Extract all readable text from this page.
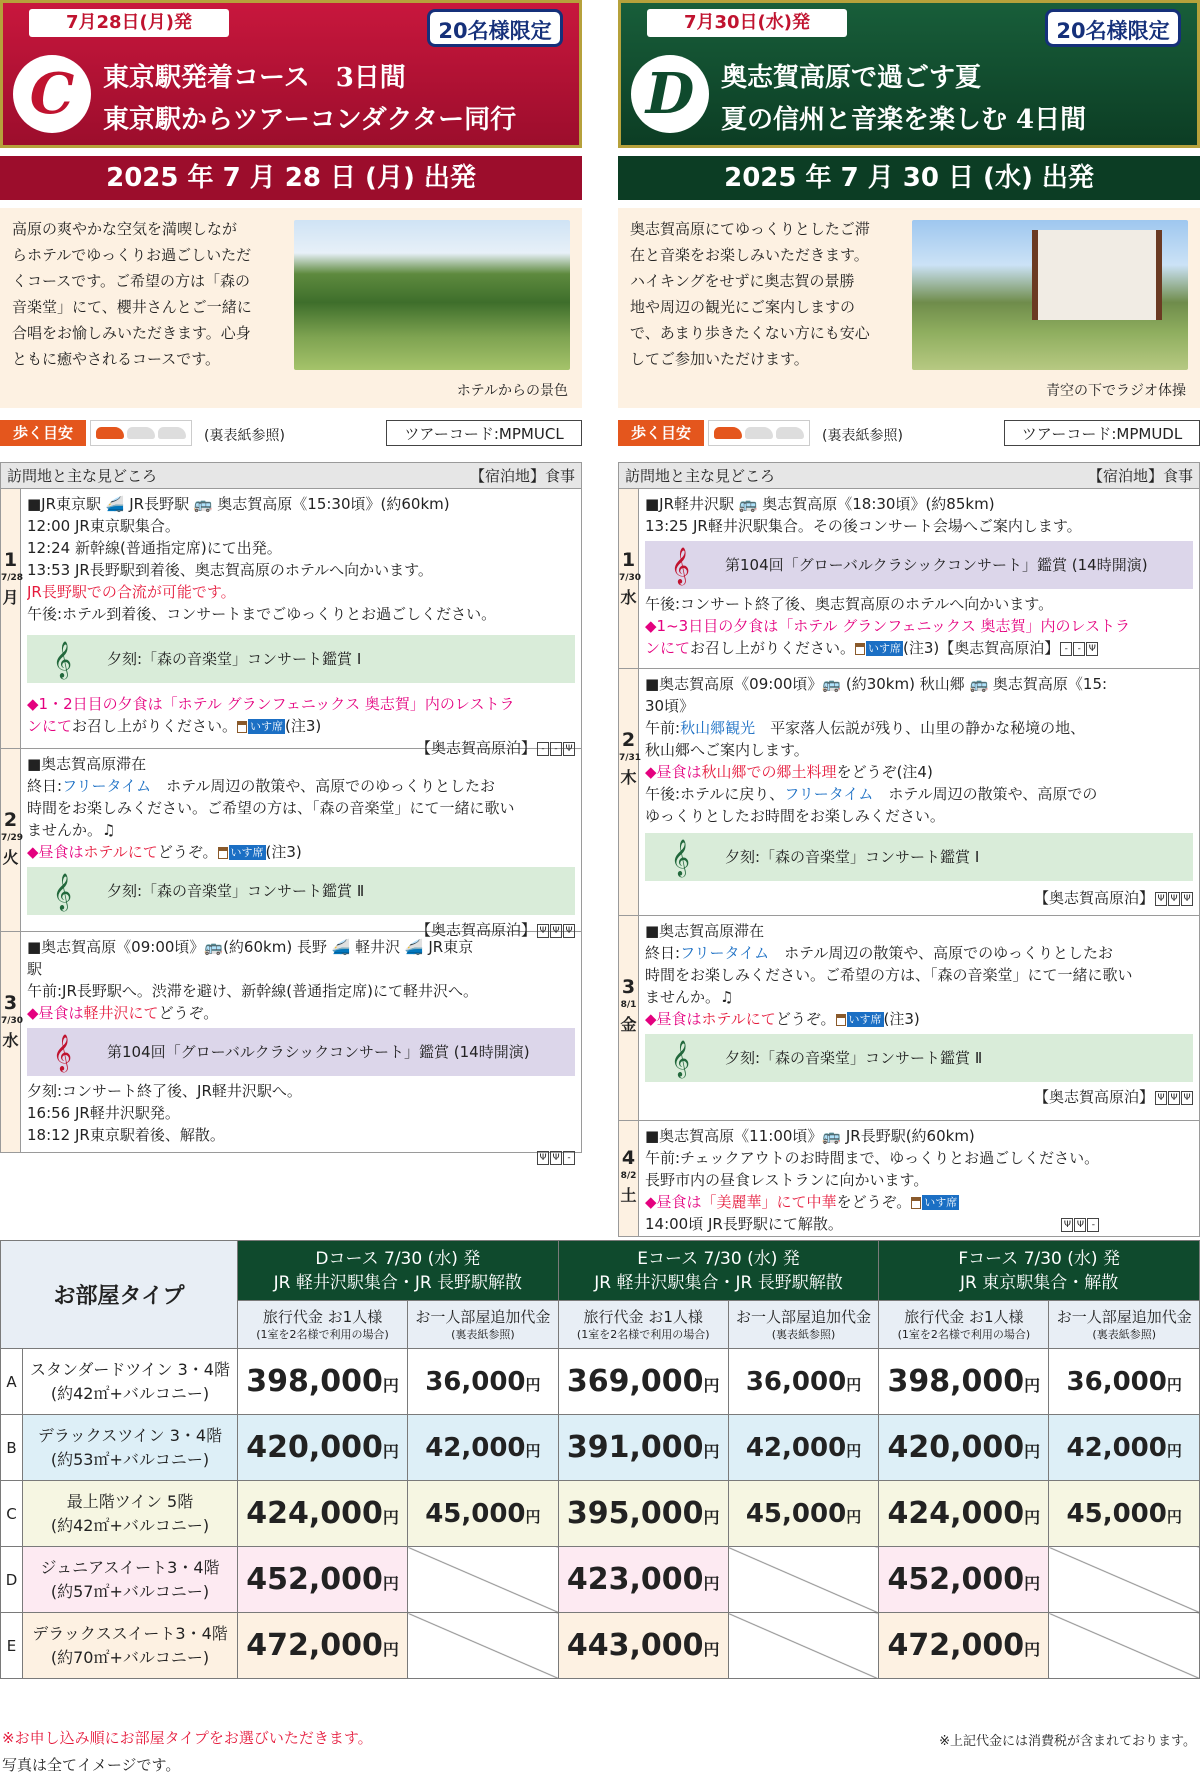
7月28日(月)発	20名様限定
C	東京駅発着コース　3日間
東京駅からツアーコンダクター同行
2025 年 7 月 28 日 (月) 出発

高原の爽やかな空気を満喫しなが

らホテルでゆっくりお過ごしいただ

くコースです。ご希望の方は「森の

音楽堂」にて、櫻井さんとご一緒に

合唱をお愉しみいただきます。心身

ともに癒やされるコースです。

ホテルからの景色
歩く目安	(裏表紙参照)	ツアーコード:MPMUCL
訪問地と主な見どころ	【宿泊地】食事
1
7/28
月

■JR東京駅 🚄 JR長野駅 🚌 奥志賀高原《15:30頃》(約60km)

12:00 JR東京駅集合。

12:24 新幹線(普通指定席)にて出発。

13:53 JR長野駅到着後、奥志賀高原のホテルへ向かいます。

JR長野駅での合流が可能です。

午後:ホテル到着後、コンサートまでごゆっくりとお過ごしください。

𝄞	夕刻:「森の音楽堂」コンサート鑑賞 Ⅰ

◆1・2日目の夕食は「ホテル グランフェニックス 奥志賀」内のレストラ

ンにてお召し上がりください。 いす席 (注3)

【奥志賀高原泊】 - - Ψ
2
7/29
火

■奥志賀高原滞在

終日:フリータイム　ホテル周辺の散策や、高原でのゆっくりとしたお

時間をお楽しみください。ご希望の方は、「森の音楽堂」にて一緒に歌い

ませんか。♫

◆昼食はホテルにてどうぞ。 いす席 (注3)

𝄞	夕刻:「森の音楽堂」コンサート鑑賞 Ⅱ
【奥志賀高原泊】 Ψ Ψ Ψ
3
7/30
水

■奥志賀高原《09:00頃》🚌(約60km) 長野 🚄 軽井沢 🚄 JR東京

駅

午前:JR長野駅へ。渋滞を避け、新幹線(普通指定席)にて軽井沢へ。

◆昼食は軽井沢にてどうぞ。

𝄞	第104回「グローバルクラシックコンサート」鑑賞 (14時開演)

夕刻:コンサート終了後、JR軽井沢駅へ。

16:56 JR軽井沢駅発。

18:12 JR東京駅着後、解散。

Ψ Ψ -
7月30日(水)発	20名様限定
D	奥志賀高原で過ごす夏
夏の信州と音楽を楽しむ 4日間
2025 年 7 月 30 日 (水) 出発

奥志賀高原にてゆっくりとしたご滞

在と音楽をお楽しみいただきます。

ハイキングをせずに奥志賀の景勝

地や周辺の観光にご案内しますの

で、あまり歩きたくない方にも安心

してご参加いただけます。

青空の下でラジオ体操
歩く目安	(裏表紙参照)	ツアーコード:MPMUDL
訪問地と主な見どころ	【宿泊地】食事
1
7/30
水

■JR軽井沢駅 🚌 奥志賀高原《18:30頃》(約85km)

13:25 JR軽井沢駅集合。その後コンサート会場へご案内します。

𝄞	第104回「グローバルクラシックコンサート」鑑賞 (14時開演)

午後:コンサート終了後、奥志賀高原のホテルへ向かいます。

◆1~3日目の夕食は「ホテル グランフェニックス 奥志賀」内のレストラ

ンにてお召し上がりください。 いす席 (注3)【奥志賀高原泊】 - - Ψ

2
7/31
木

■奥志賀高原《09:00頃》🚌 (約30km) 秋山郷 🚌 奥志賀高原《15:

30頃》

午前:秋山郷観光　平家落人伝説が残り、山里の静かな秘境の地、

秋山郷へご案内します。

◆昼食は秋山郷での郷土料理をどうぞ(注4)

午後:ホテルに戻り、フリータイム　ホテル周辺の散策や、高原での

ゆっくりとしたお時間をお楽しみください。

𝄞	夕刻:「森の音楽堂」コンサート鑑賞 Ⅰ
【奥志賀高原泊】 Ψ Ψ Ψ
3
8/1
金

■奥志賀高原滞在

終日:フリータイム　ホテル周辺の散策や、高原でのゆっくりとしたお

時間をお楽しみください。ご希望の方は、「森の音楽堂」にて一緒に歌い

ませんか。♫

◆昼食はホテルにてどうぞ。 いす席 (注3)

𝄞	夕刻:「森の音楽堂」コンサート鑑賞 Ⅱ
【奥志賀高原泊】 Ψ Ψ Ψ
4
8/2
土

■奥志賀高原《11:00頃》🚌 JR長野駅(約60km)

午前:チェックアウトのお時間まで、ゆっくりとお過ごしください。

長野市内の昼食レストランに向かいます。

◆昼食は「美麗華」にて中華をどうぞ。 いす席

14:00頃 JR長野駅にて解散。　　　　　　　　　　　　　　　	Ψ Ψ -

お部屋タイプ		Dコース 7/30 (水) 発
JR 軽井沢駅集合・JR 長野駅解散		Eコース 7/30 (水) 発
JR 軽井沢駅集合・JR 長野駅解散		Fコース 7/30 (水) 発
JR 東京駅集合・解散	
		旅行代金 お1人様
(1室を2名様で利用の場合)	お一人部屋追加代金
(裏表紙参照)	旅行代金 お1人様
(1室を2名様で利用の場合)	お一人部屋追加代金
(裏表紙参照)	旅行代金 お1人様
(1室を2名様で利用の場合)	お一人部屋追加代金
(裏表紙参照)

A	スタンダードツイン 3・4階
(約42㎡+バルコニー)	398,000円	36,000円	369,000円	36,000円	398,000円	36,000円
B	デラックスツイン 3・4階
(約53㎡+バルコニー)	420,000円	42,000円	391,000円	42,000円	420,000円	42,000円
C	最上階ツイン 5階
(約42㎡+バルコニー)	424,000円	45,000円	395,000円	45,000円	424,000円	45,000円
D	ジュニアスイート3・4階
(約57㎡+バルコニー)	452,000円		423,000円		452,000円	
E	デラックススイート3・4階
(約70㎡+バルコニー)	472,000円		443,000円		472,000円	
※お申し込み順にお部屋タイプをお選びいただきます。	※上記代金には消費税が含まれております。
写真は全てイメージです。
